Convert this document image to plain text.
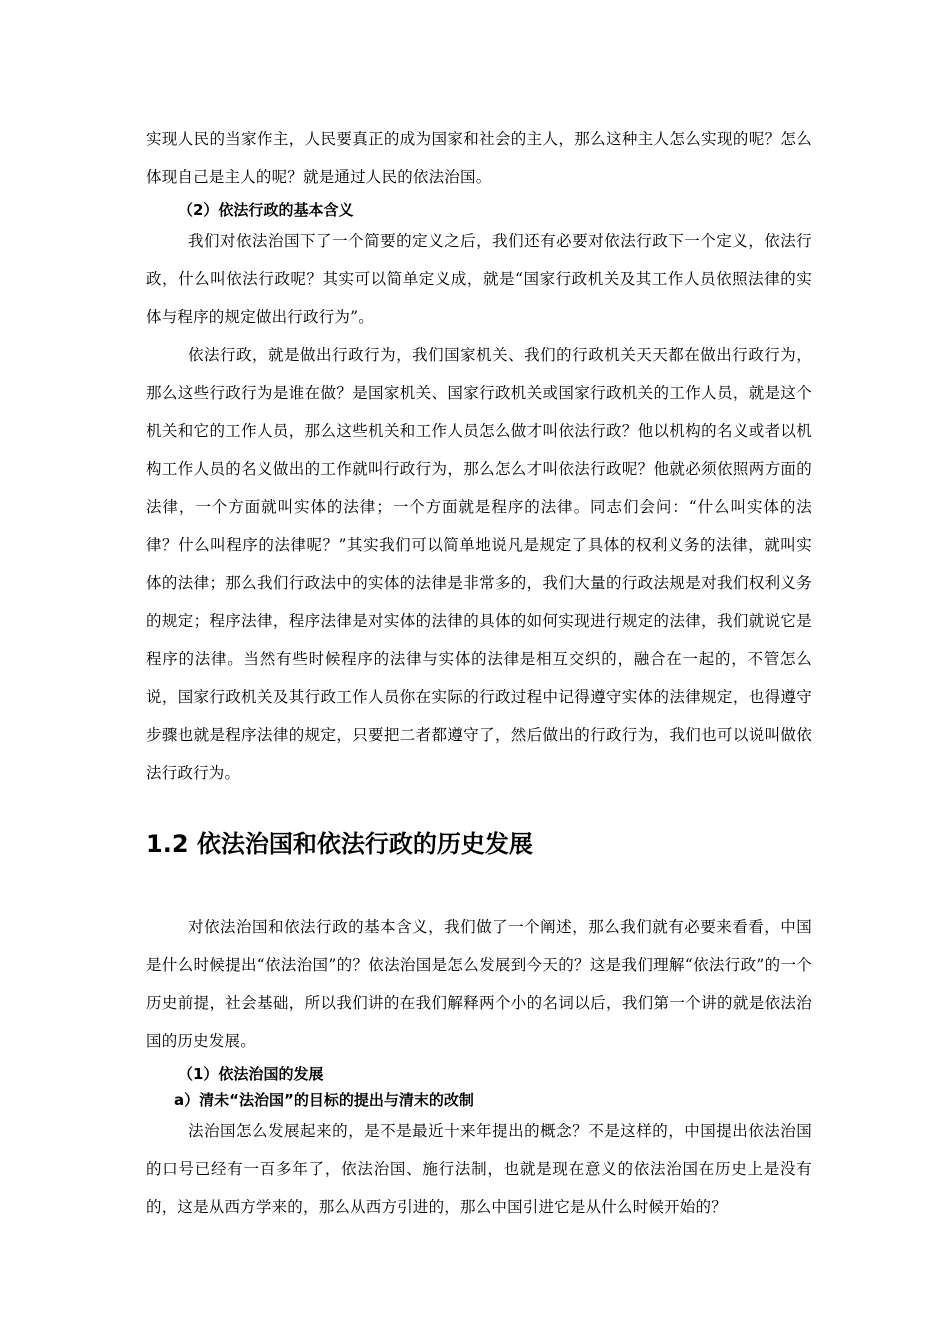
实现人民的当家作主，人民要真正的成为国家和社会的主人，那么这种主人怎么实现的呢？怎么体现自己是主人的呢？就是通过人民的依法治国。

（2）依法行政的基本含义

我们对依法治国下了一个简要的定义之后，我们还有必要对依法行政下一个定义，依法行政，什么叫依法行政呢？其实可以简单定义成，就是“国家行政机关及其工作人员依照法律的实体与程序的规定做出行政行为”。

依法行政，就是做出行政行为，我们国家机关、我们的行政机关天天都在做出行政行为，那么这些行政行为是谁在做？是国家机关、国家行政机关或国家行政机关的工作人员，就是这个机关和它的工作人员，那么这些机关和工作人员怎么做才叫依法行政？他以机构的名义或者以机构工作人员的名义做出的工作就叫行政行为，那么怎么才叫依法行政呢？他就必须依照两方面的法律，一个方面就叫实体的法律；一个方面就是程序的法律。同志们会问：“什么叫实体的法律？什么叫程序的法律呢？”其实我们可以简单地说凡是规定了具体的权利义务的法律，就叫实体的法律；那么我们行政法中的实体的法律是非常多的，我们大量的行政法规是对我们权利义务的规定；程序法律，程序法律是对实体的法律的具体的如何实现进行规定的法律，我们就说它是程序的法律。当然有些时候程序的法律与实体的法律是相互交织的，融合在一起的，不管怎么说，国家行政机关及其行政工作人员你在实际的行政过程中记得遵守实体的法律规定，也得遵守步骤也就是程序法律的规定，只要把二者都遵守了，然后做出的行政行为，我们也可以说叫做依法行政行为。

1.2 依法治国和依法行政的历史发展

对依法治国和依法行政的基本含义，我们做了一个阐述，那么我们就有必要来看看，中国是什么时候提出“依法治国”的？依法治国是怎么发展到今天的？这是我们理解“依法行政”的一个历史前提，社会基础，所以我们讲的在我们解释两个小的名词以后，我们第一个讲的就是依法治国的历史发展。

（1）依法治国的发展
a）清未“法治国”的目标的提出与清末的改制

法治国怎么发展起来的，是不是最近十来年提出的概念？不是这样的，中国提出依法治国的口号已经有一百多年了，依法治国、施行法制，也就是现在意义的依法治国在历史上是没有的，这是从西方学来的，那么从西方引进的，那么中国引进它是从什么时候开始的？
